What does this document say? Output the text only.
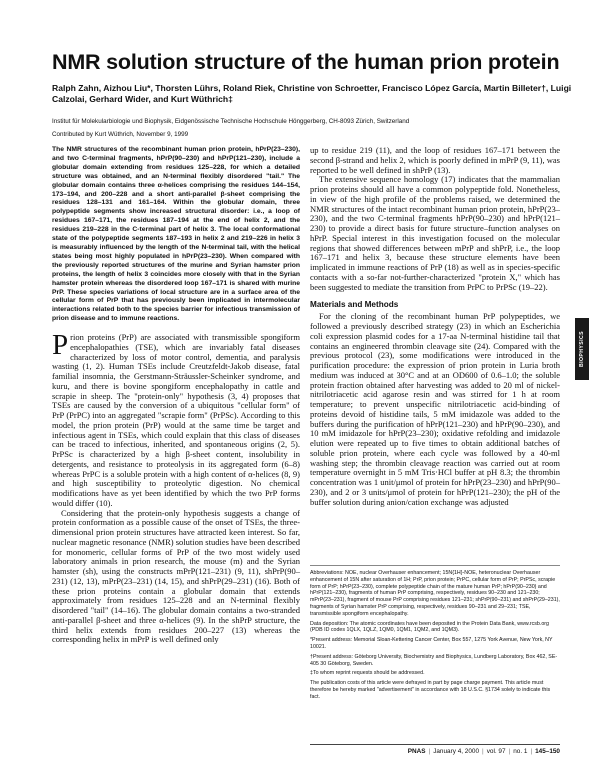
NMR solution structure of the human prion protein
Ralph Zahn, Aizhou Liu*, Thorsten Lührs, Roland Riek, Christine von Schroetter, Francisco López García, Martin Billeter†, Luigi Calzolai, Gerhard Wider, and Kurt Wüthrich‡
Institut für Molekularbiologie und Biophysik, Eidgenössische Technische Hochschule Hönggerberg, CH-8093 Zürich, Switzerland
Contributed by Kurt Wüthrich, November 9, 1999

The NMR structures of the recombinant human prion protein, hPrP(23–230), and two C-terminal fragments, hPrP(90–230) and hPrP(121–230), include a globular domain extending from residues 125–228, for which a detailed structure was obtained, and an N-terminal flexibly disordered "tail." The globular domain contains three α-helices comprising the residues 144–154, 173–194, and 200–228 and a short anti-parallel β-sheet comprising the residues 128–131 and 161–164. Within the globular domain, three polypeptide segments show increased structural disorder: i.e., a loop of residues 167–171, the residues 187–194 at the end of helix 2, and the residues 219–228 in the C-terminal part of helix 3. The local conformational state of the polypeptide segments 187–193 in helix 2 and 219–226 in helix 3 is measurably influenced by the length of the N-terminal tail, with the helical states being most highly populated in hPrP(23–230). When compared with the previously reported structures of the murine and Syrian hamster prion proteins, the length of helix 3 coincides more closely with that in the Syrian hamster protein whereas the disordered loop 167–171 is shared with murine PrP. These species variations of local structure are in a surface area of the cellular form of PrP that has previously been implicated in intermolecular interactions related both to the species barrier for infectious transmission of prion disease and to immune reactions.

Prion proteins (PrP) are associated with transmissible spongiform encephalopathies (TSE), which are invariably fatal diseases characterized by loss of motor control, dementia, and paralysis wasting (1, 2). Human TSEs include Creutzfeldt-Jakob disease, fatal familial insomnia, the Gerstmann-Sträussler-Scheinker syndrome, and kuru, and there is bovine spongiform encephalopathy in cattle and scrapie in sheep. The "protein-only" hypothesis (3, 4) proposes that TSEs are caused by the conversion of a ubiquitous "cellular form" of PrP (PrPC) into an aggregated "scrapie form" (PrPSc). According to this model, the prion protein (PrP) would at the same time be target and infectious agent in TSEs, which could explain that this class of diseases can be traced to infectious, inherited, and spontaneous origins (2, 5). PrPSc is characterized by a high β-sheet content, insolubility in detergents, and resistance to proteolysis in its aggregated form (6–8) whereas PrPC is a soluble protein with a high content of α-helices (8, 9) and high susceptibility to proteolytic digestion. No chemical modifications have as yet been identified by which the two PrP forms would differ (10).

Considering that the protein-only hypothesis suggests a change of protein conformation as a possible cause of the onset of TSEs, the three-dimensional prion protein structures have attracted keen interest. So far, nuclear magnetic resonance (NMR) solution studies have been described for monomeric, cellular forms of PrP of the two most widely used laboratory animals in prion research, the mouse (m) and the Syrian hamster (sh), using the constructs mPrP(121–231) (9, 11), shPrP(90–231) (12, 13), mPrP(23–231) (14, 15), and shPrP(29–231) (16). Both of these prion proteins contain a globular domain that extends approximately from residues 125–228 and an N-terminal flexibly disordered "tail" (14–16). The globular domain contains a two-stranded anti-parallel β-sheet and three α-helices (9). In the shPrP structure, the third helix extends from residues 200–227 (13) whereas the corresponding helix in mPrP is well defined only

up to residue 219 (11), and the loop of residues 167–171 between the second β-strand and helix 2, which is poorly defined in mPrP (9, 11), was reported to be well defined in shPrP (13).

The extensive sequence homology (17) indicates that the mammalian prion proteins should all have a common polypeptide fold. Nonetheless, in view of the high profile of the problems raised, we determined the NMR structures of the intact recombinant human prion protein, hPrP(23–230), and the two C-terminal fragments hPrP(90–230) and hPrP(121–230) to provide a direct basis for future structure–function analyses on hPrP. Special interest in this investigation focused on the molecular regions that showed differences between mPrP and shPrP, i.e., the loop 167–171 and helix 3, because these structure elements have been implicated in immune reactions of PrP (18) as well as in species-specific contacts with a so-far not-further-characterized "protein X," which has been suggested to mediate the transition from PrPC to PrPSc (19–22).

Materials and Methods

For the cloning of the recombinant human PrP polypeptides, we followed a previously described strategy (23) in which an Escherichia coli expression plasmid codes for a 17-aa N-terminal histidine tail that contains an engineered thrombin cleavage site (24). Compared with the previous protocol (23), some modifications were introduced in the purification procedure: the expression of prion protein in Luria broth medium was induced at 30°C and at an OD600 of 0.6–1.0; the soluble protein fraction obtained after harvesting was added to 20 ml of nickel-nitrilotriacetic acid agarose resin and was stirred for 1 h at room temperature; to prevent unspecific nitrilotriacetic acid-binding of proteins devoid of histidine tails, 5 mM imidazole was added to the buffers during the purification of hPrP(121–230) and hPrP(90–230), and 10 mM imidazole for hPrP(23–230); oxidative refolding and imidazole elution were repeated up to five times to obtain additional batches of soluble prion protein, where each cycle was followed by a 40-ml washing step; the thrombin cleavage reaction was carried out at room temperature overnight in 5 mM Tris·HCl buffer at pH 8.3; the thrombin concentration was 1 unit/μmol of protein for hPrP(23–230) and hPrP(90–230), and 2 or 3 units/μmol of protein for hPrP(121–230); the pH of the buffer solution during anion/cation exchange was adjusted

Abbreviations: NOE, nuclear Overhauser enhancement; 15N{1H}-NOE, heteronuclear Overhauser enhancement of 15N after saturation of 1H; PrP, prion protein; PrPC, cellular form of PrP; PrPSc, scrapie form of PrP; hPrP(23–230), complete polypeptide chain of the mature human PrP; hPrP(90–230) and hPrP(121–230), fragments of human PrP comprising, respectively, residues 90–230 and 121–230; mPrP(23–231), fragment of mouse PrP comprising residues 121–231; shPrP(90–231) and shPrP(29–231), fragments of Syrian hamster PrP comprising, respectively, residues 90–231 and 29–231; TSE, transmissible spongiform encephalopathy.

Data deposition: The atomic coordinates have been deposited in the Protein Data Bank, www.rcsb.org (PDB ID codes 1QLX, 1QLZ, 1QM0, 1QM1, 1QM2, and 1QM3).

*Present address: Memorial Sloan-Kettering Cancer Center, Box 557, 1275 York Avenue, New York, NY 10021.

†Present address: Göteborg University, Biochemistry and Biophysics, Lundberg Laboratory, Box 462, SE-405 30 Göteborg, Sweden.

‡To whom reprint requests should be addressed.

The publication costs of this article were defrayed in part by page charge payment. This article must therefore be hereby marked "advertisement" in accordance with 18 U.S.C. §1734 solely to indicate this fact.

BIOPHYSICS
PNAS | January 4, 2000 | vol. 97 | no. 1 | 145–150
